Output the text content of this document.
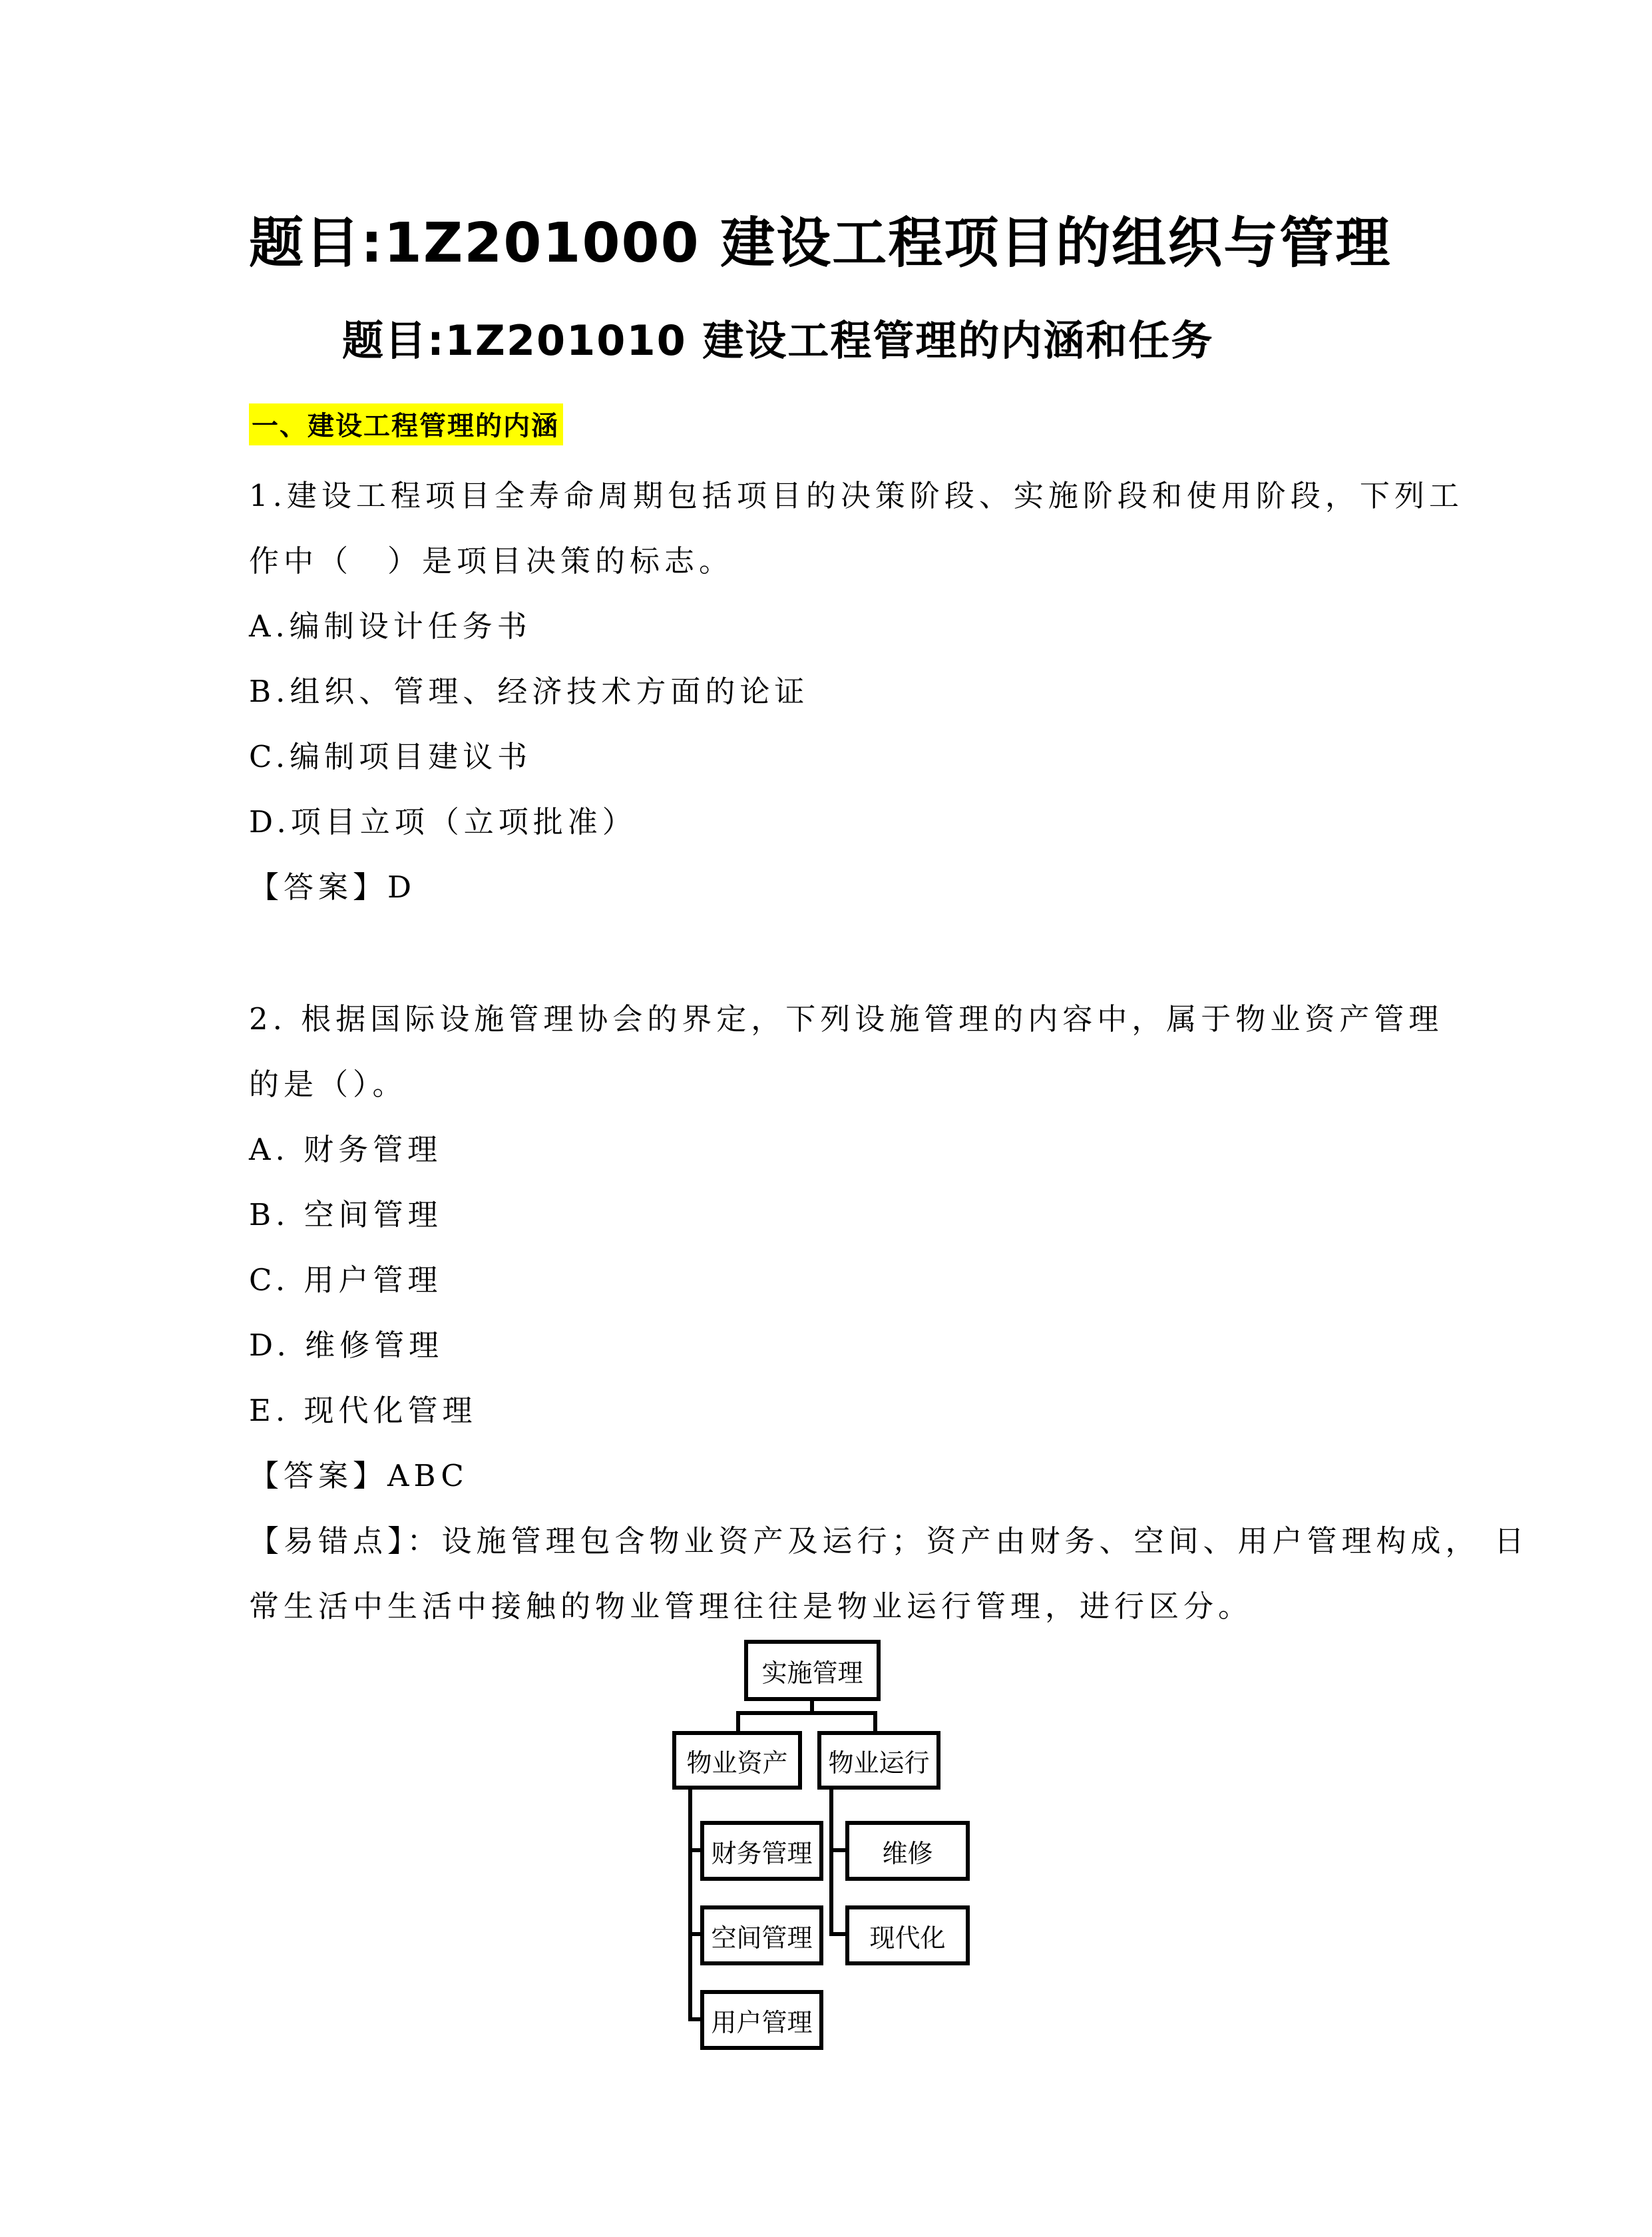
题目:1Z201000 建设工程项目的组织与管理
题目:1Z201010 建设工程管理的内涵和任务
一、建设工程管理的内涵
1.建设工程项目全寿命周期包括项目的决策阶段、实施阶段和使用阶段，下列工
作中（　）是项目决策的标志。
A.编制设计任务书
B.组织、管理、经济技术方面的论证
C.编制项目建议书
D.项目立项（立项批准）
【答案】D
2. 根据国际设施管理协会的界定，下列设施管理的内容中，属于物业资产管理
的是（）。
A. 财务管理
B. 空间管理
C. 用户管理
D. 维修管理
E. 现代化管理
【答案】ABC
【易错点】：设施管理包含物业资产及运行；资产由财务、空间、用户管理构成， 日
常生活中生活中接触的物业管理往往是物业运行管理，进行区分。
实施管理
物业资产	物业运行
财务管理
空间管理
用户管理
维修
现代化
